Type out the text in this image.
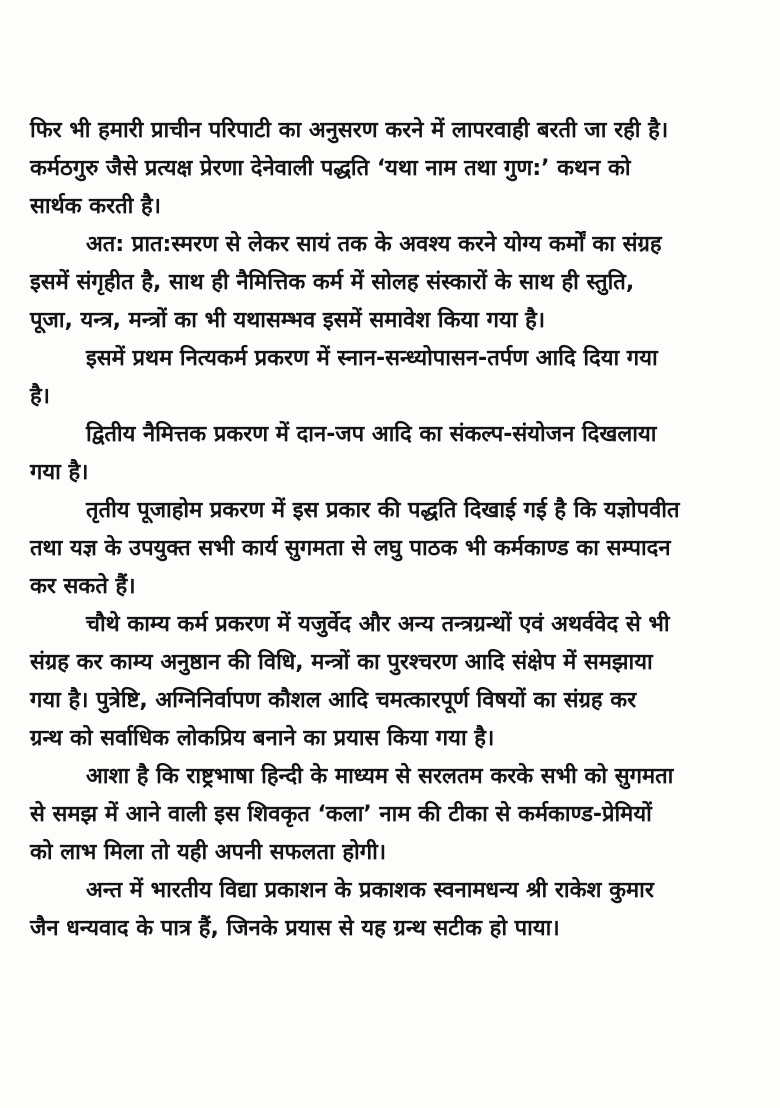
फिर भी हमारी प्राचीन परिपाटी का अनुसरण करने में लापरवाही बरती जा रही है।
कर्मठगुरु जैसे प्रत्यक्ष प्रेरणा देनेवाली पद्धति ‘यथा नाम तथा गुण:’ कथन को
सार्थक करती है।
अत: प्रात:स्मरण से लेकर सायं तक के अवश्य करने योग्य कर्मों का संग्रह
इसमें संगृहीत है, साथ ही नैमित्तिक कर्म में सोलह संस्कारों के साथ ही स्तुति,
पूजा, यन्त्र, मन्त्रों का भी यथासम्भव इसमें समावेश किया गया है।
इसमें प्रथम नित्यकर्म प्रकरण में स्नान-सन्ध्योपासन-तर्पण आदि दिया गया
है।
द्वितीय नैमित्तक प्रकरण में दान-जप आदि का संकल्प-संयोजन दिखलाया
गया है।
तृतीय पूजाहोम प्रकरण में इस प्रकार की पद्धति दिखाई गई है कि यज्ञोपवीत
तथा यज्ञ के उपयुक्त सभी कार्य सुगमता से लघु पाठक भी कर्मकाण्ड का सम्पादन
कर सकते हैं।
चौथे काम्य कर्म प्रकरण में यजुर्वेद और अन्य तन्त्रग्रन्थों एवं अथर्ववेद से भी
संग्रह कर काम्य अनुष्ठान की विधि, मन्त्रों का पुरश्चरण आदि संक्षेप में समझाया
गया है। पुत्रेष्टि, अग्निनिर्वापण कौशल आदि चमत्कारपूर्ण विषयों का संग्रह कर
ग्रन्थ को सर्वाधिक लोकप्रिय बनाने का प्रयास किया गया है।
आशा है कि राष्ट्रभाषा हिन्दी के माध्यम से सरलतम करके सभी को सुगमता
से समझ में आने वाली इस शिवकृत ‘कला’ नाम की टीका से कर्मकाण्ड-प्रेमियों
को लाभ मिला तो यही अपनी सफलता होगी।
अन्त में भारतीय विद्या प्रकाशन के प्रकाशक स्वनामधन्य श्री राकेश कुमार
जैन धन्यवाद के पात्र हैं, जिनके प्रयास से यह ग्रन्थ सटीक हो पाया।
